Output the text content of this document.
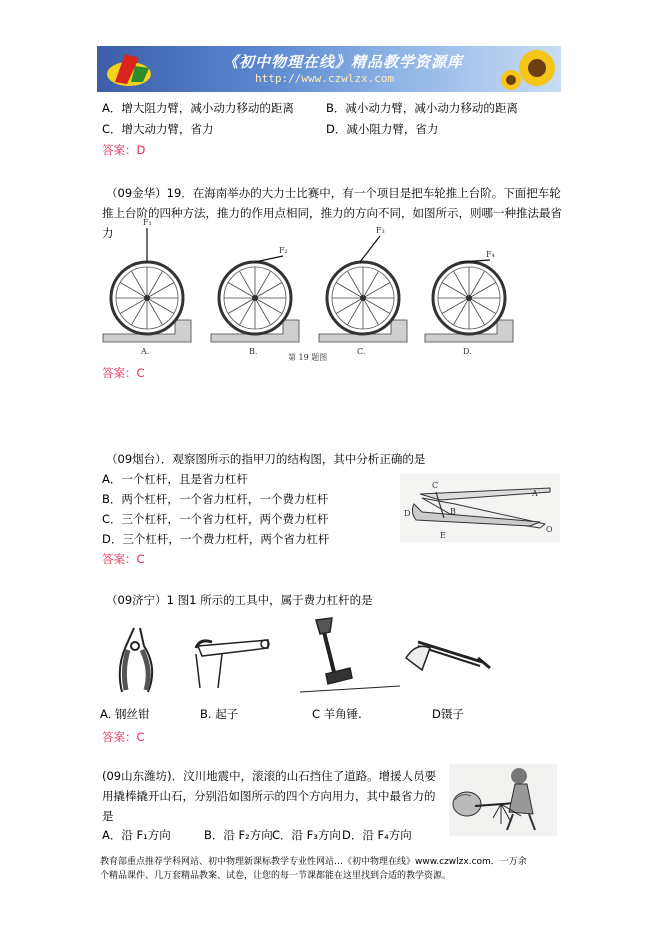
《初中物理在线》精品教学资源库
http://www.czwlzx.com
A．增大阻力臂，减小动力移动的距离	B．减小动力臂，减小动力移动的距离
C．增大动力臂，省力	D．减小阻力臂，省力
答案：D
（09金华）19．在海南举办的大力士比赛中，有一个项目是把车轮推上台阶。下面把车轮
推上台阶的四种方法，推力的作用点相同，推力的方向不同，如图所示，则哪一种推法最省
力
F₁
A.
F₂
B.
F₃
C.
F₄
D.
第 19 题图
答案：C
（09烟台）．观察图所示的指甲刀的结构图，其中分析正确的是
A．一个杠杆，且是省力杠杆
B．两个杠杆，一个省力杠杆，一个费力杠杆
C．三个杠杆，一个省力杠杆，两个费力杠杆
D．三个杠杆，一个费力杠杆，两个省力杠杆
答案：C
C
A
D	B
E
O
（09济宁）1 图1 所示的工具中，属于费力杠杆的是
A. 钢丝钳	B. 起子	C 羊角锤.	D镊子
答案：C
(09山东潍坊)．汶川地震中，滚滚的山石挡住了道路。增援人员要
用撬棒撬开山石，分别沿如图所示的四个方向用力，其中最省力的
是
A．沿 F₁方向	B．沿 F₂方向 C．沿 F₃方向 D．沿 F₄方向
教育部重点推荐学科网站、初中物理新课标教学专业性网站…《初中物理在线》www.czwlzx.com．一万余
个精品课件、几万套精品教案、试卷，让您的每一节课都能在这里找到合适的教学资源。
